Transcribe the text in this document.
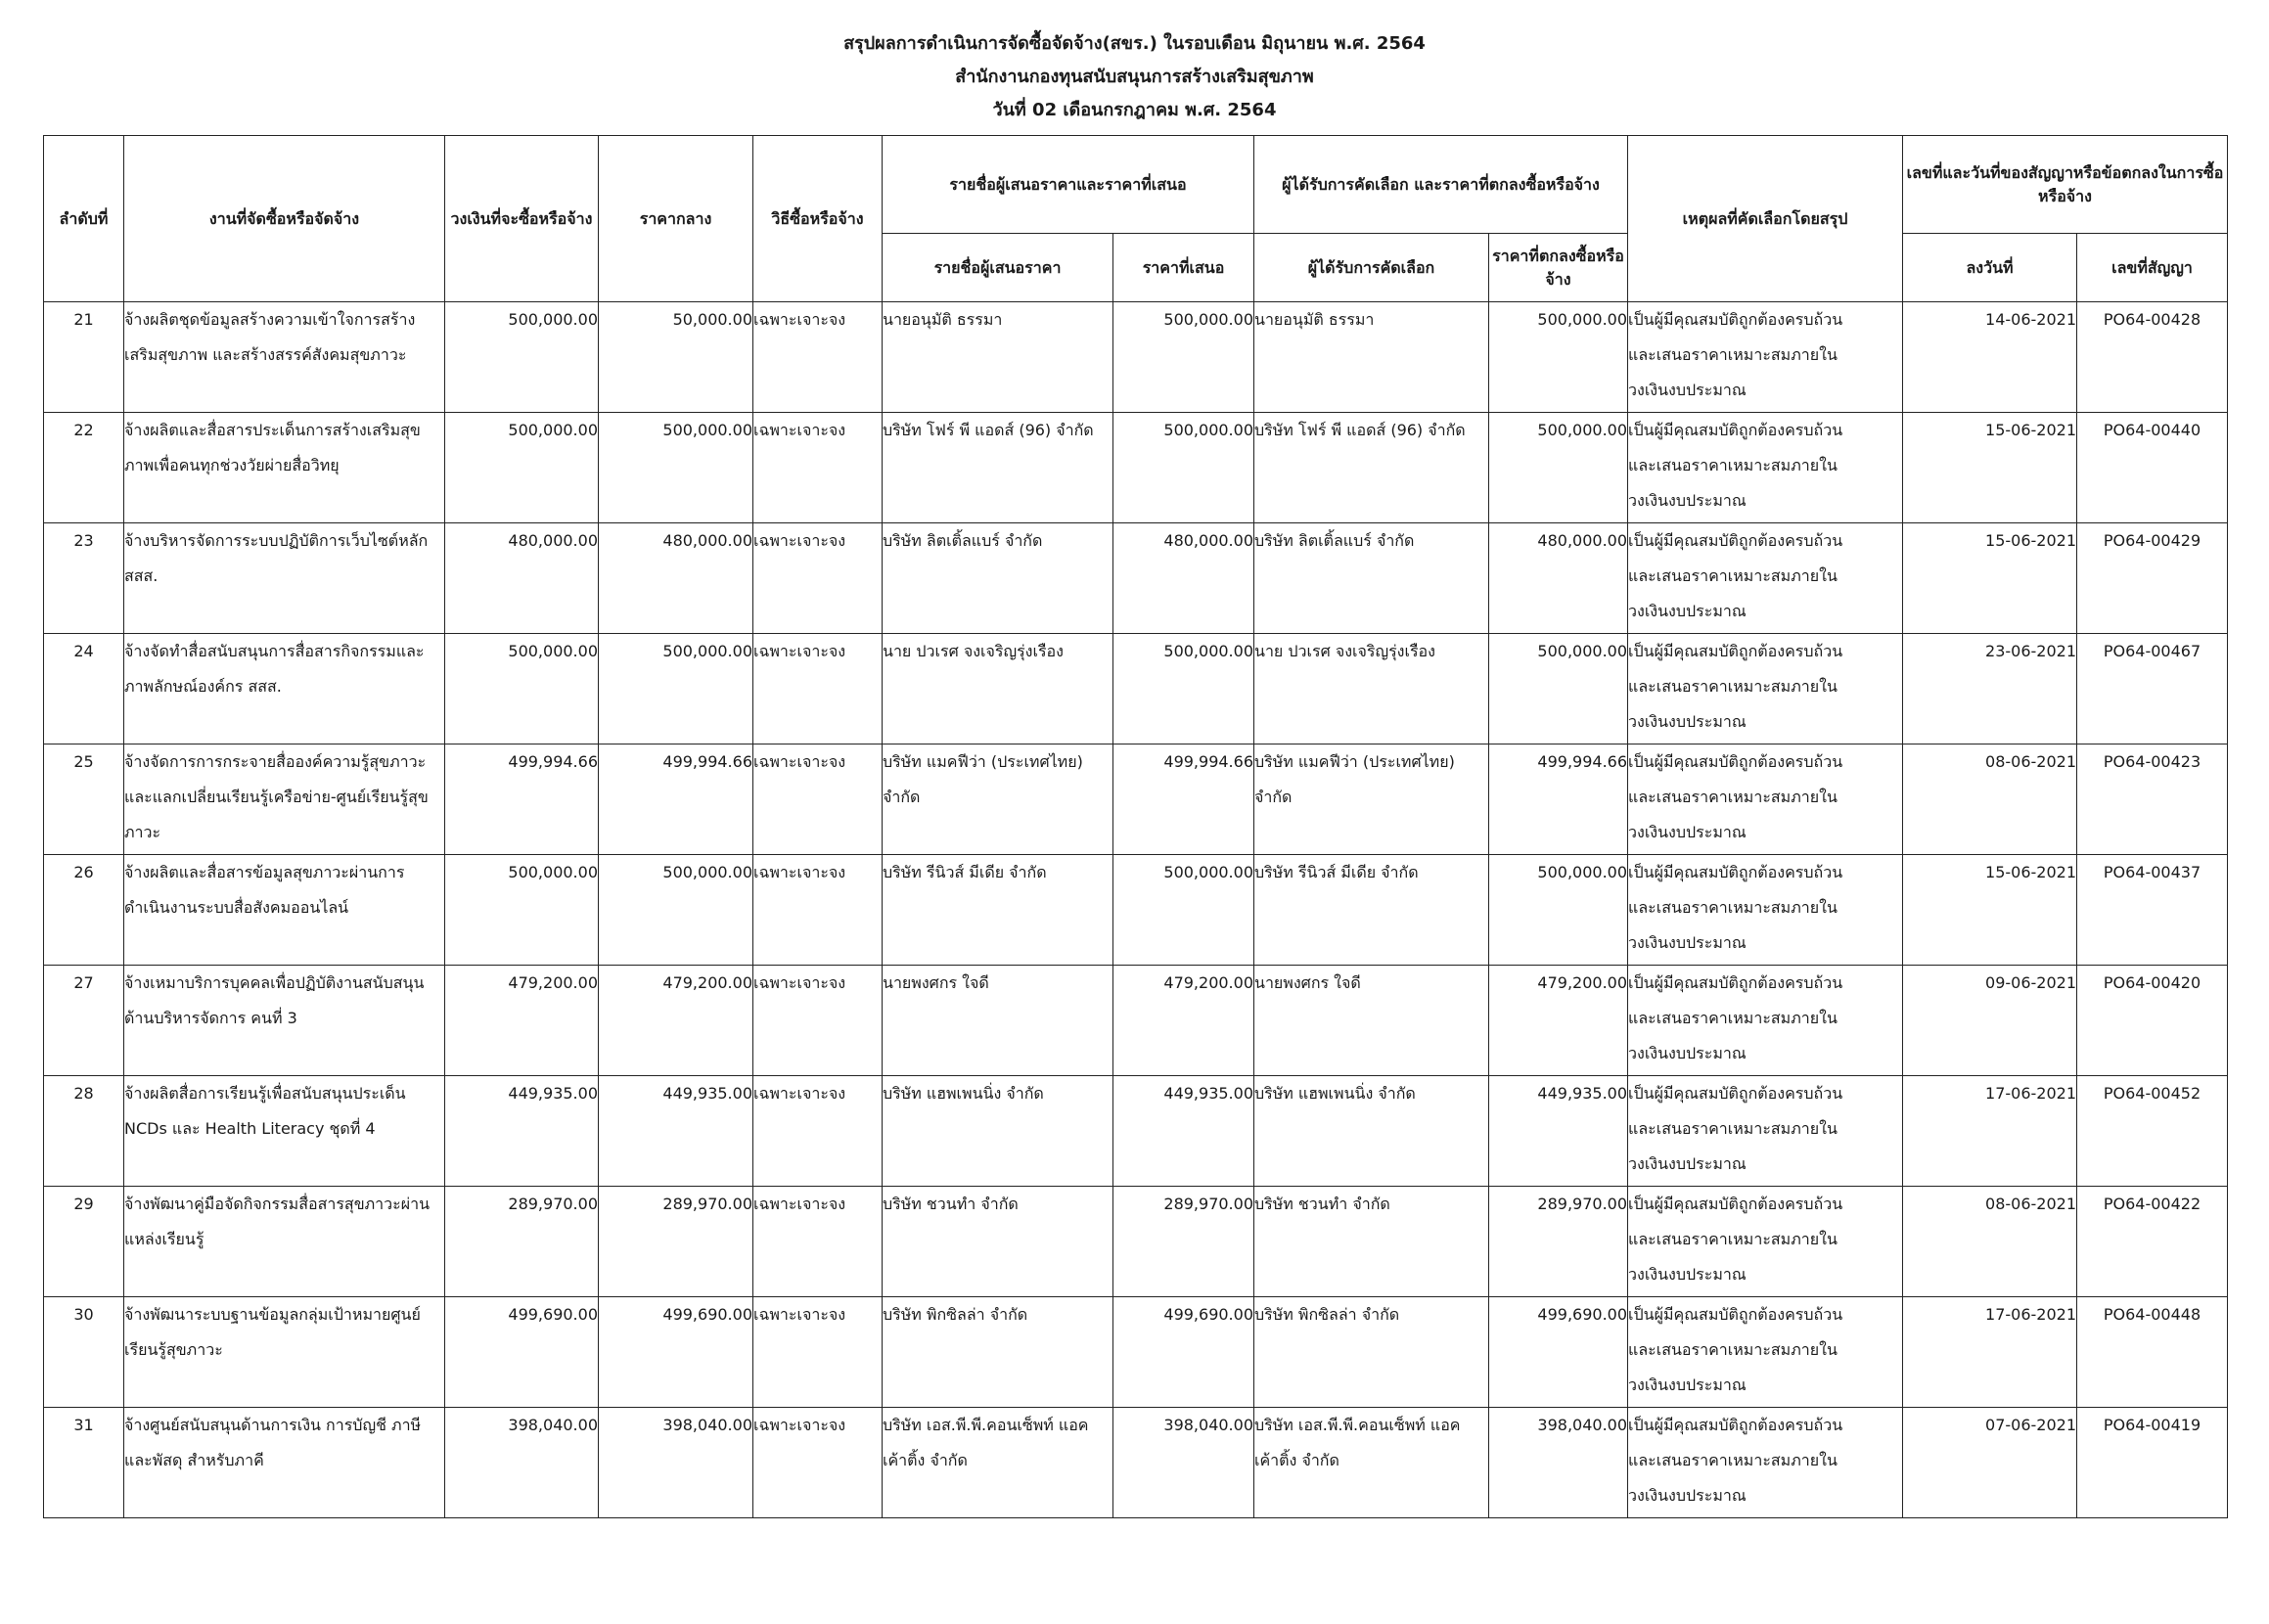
สรุปผลการดำเนินการจัดซื้อจัดจ้าง(สขร.) ในรอบเดือน มิถุนายน พ.ศ. 2564
สำนักงานกองทุนสนับสนุนการสร้างเสริมสุขภาพ
วันที่ 02 เดือนกรกฎาคม พ.ศ. 2564
ลำดับที่	งานที่จัดซื้อหรือจัดจ้าง	วงเงินที่จะซื้อหรือจ้าง	ราคากลาง	วิธีซื้อหรือจ้าง	รายชื่อผู้เสนอราคาและราคาที่เสนอ		ผู้ได้รับการคัดเลือก และราคาที่ตกลงซื้อหรือจ้าง		เหตุผลที่คัดเลือกโดยสรุป	เลขที่และวันที่ของสัญญาหรือข้อตกลงในการซื้อหรือจ้าง	
					รายชื่อผู้เสนอราคา	ราคาที่เสนอ	ผู้ได้รับการคัดเลือก	ราคาที่ตกลงซื้อหรือจ้าง		ลงวันที่	เลขที่สัญญา
21	จ้างผลิตชุดข้อมูลสร้างความเข้าใจการสร้างเสริมสุขภาพ และสร้างสรรค์สังคมสุขภาวะ	500,000.00	50,000.00	เฉพาะเจาะจง	นายอนุมัติ ธรรมา	500,000.00	นายอนุมัติ ธรรมา	500,000.00	เป็นผู้มีคุณสมบัติถูกต้องครบถ้วน
และเสนอราคาเหมาะสมภายใน
วงเงินงบประมาณ	14-06-2021	PO64-00428
22	จ้างผลิตและสื่อสารประเด็นการสร้างเสริมสุขภาพเพื่อคนทุกช่วงวัยผ่ายสื่อวิทยุ	500,000.00	500,000.00	เฉพาะเจาะจง	บริษัท โฟร์ พี แอดส์ (96) จำกัด	500,000.00	บริษัท โฟร์ พี แอดส์ (96) จำกัด	500,000.00	เป็นผู้มีคุณสมบัติถูกต้องครบถ้วน
และเสนอราคาเหมาะสมภายใน
วงเงินงบประมาณ	15-06-2021	PO64-00440
23	จ้างบริหารจัดการระบบปฏิบัติการเว็บไซต์หลัก สสส.	480,000.00	480,000.00	เฉพาะเจาะจง	บริษัท ลิตเติ้ลแบร์ จำกัด	480,000.00	บริษัท ลิตเติ้ลแบร์ จำกัด	480,000.00	เป็นผู้มีคุณสมบัติถูกต้องครบถ้วน
และเสนอราคาเหมาะสมภายใน
วงเงินงบประมาณ	15-06-2021	PO64-00429
24	จ้างจัดทำสื่อสนับสนุนการสื่อสารกิจกรรมและภาพลักษณ์องค์กร สสส.	500,000.00	500,000.00	เฉพาะเจาะจง	นาย ปวเรศ จงเจริญรุ่งเรือง	500,000.00	นาย ปวเรศ จงเจริญรุ่งเรือง	500,000.00	เป็นผู้มีคุณสมบัติถูกต้องครบถ้วน
และเสนอราคาเหมาะสมภายใน
วงเงินงบประมาณ	23-06-2021	PO64-00467
25	จ้างจัดการการกระจายสื่อองค์ความรู้สุขภาวะและแลกเปลี่ยนเรียนรู้เครือข่าย-ศูนย์เรียนรู้สุขภาวะ	499,994.66	499,994.66	เฉพาะเจาะจง	บริษัท แมคฟีว่า (ประเทศไทย) จำกัด	499,994.66	บริษัท แมคฟีว่า (ประเทศไทย) จำกัด	499,994.66	เป็นผู้มีคุณสมบัติถูกต้องครบถ้วน
และเสนอราคาเหมาะสมภายใน
วงเงินงบประมาณ	08-06-2021	PO64-00423
26	จ้างผลิตและสื่อสารข้อมูลสุขภาวะผ่านการดำเนินงานระบบสื่อสังคมออนไลน์	500,000.00	500,000.00	เฉพาะเจาะจง	บริษัท รีนิวส์ มีเดีย จำกัด	500,000.00	บริษัท รีนิวส์ มีเดีย จำกัด	500,000.00	เป็นผู้มีคุณสมบัติถูกต้องครบถ้วน
และเสนอราคาเหมาะสมภายใน
วงเงินงบประมาณ	15-06-2021	PO64-00437
27	จ้างเหมาบริการบุคคลเพื่อปฏิบัติงานสนับสนุนด้านบริหารจัดการ คนที่ 3	479,200.00	479,200.00	เฉพาะเจาะจง	นายพงศกร ใจดี	479,200.00	นายพงศกร ใจดี	479,200.00	เป็นผู้มีคุณสมบัติถูกต้องครบถ้วน
และเสนอราคาเหมาะสมภายใน
วงเงินงบประมาณ	09-06-2021	PO64-00420
28	จ้างผลิตสื่อการเรียนรู้เพื่อสนับสนุนประเด็น NCDs และ Health Literacy ชุดที่ 4	449,935.00	449,935.00	เฉพาะเจาะจง	บริษัท แฮพเพนนิ่ง จำกัด	449,935.00	บริษัท แฮพเพนนิ่ง จำกัด	449,935.00	เป็นผู้มีคุณสมบัติถูกต้องครบถ้วน
และเสนอราคาเหมาะสมภายใน
วงเงินงบประมาณ	17-06-2021	PO64-00452
29	จ้างพัฒนาคู่มือจัดกิจกรรมสื่อสารสุขภาวะผ่านแหล่งเรียนรู้	289,970.00	289,970.00	เฉพาะเจาะจง	บริษัท ชวนทำ จำกัด	289,970.00	บริษัท ชวนทำ จำกัด	289,970.00	เป็นผู้มีคุณสมบัติถูกต้องครบถ้วน
และเสนอราคาเหมาะสมภายใน
วงเงินงบประมาณ	08-06-2021	PO64-00422
30	จ้างพัฒนาระบบฐานข้อมูลกลุ่มเป้าหมายศูนย์เรียนรู้สุขภาวะ	499,690.00	499,690.00	เฉพาะเจาะจง	บริษัท พิกซิลล่า จำกัด	499,690.00	บริษัท พิกซิลล่า จำกัด	499,690.00	เป็นผู้มีคุณสมบัติถูกต้องครบถ้วน
และเสนอราคาเหมาะสมภายใน
วงเงินงบประมาณ	17-06-2021	PO64-00448
31	จ้างศูนย์สนับสนุนด้านการเงิน การบัญชี ภาษี และพัสดุ สำหรับภาคี	398,040.00	398,040.00	เฉพาะเจาะจง	บริษัท เอส.พี.พี.คอนเซ็พท์ แอค เค้าติ้ง จำกัด	398,040.00	บริษัท เอส.พี.พี.คอนเซ็พท์ แอค เค้าติ้ง จำกัด	398,040.00	เป็นผู้มีคุณสมบัติถูกต้องครบถ้วน
และเสนอราคาเหมาะสมภายใน
วงเงินงบประมาณ	07-06-2021	PO64-00419
